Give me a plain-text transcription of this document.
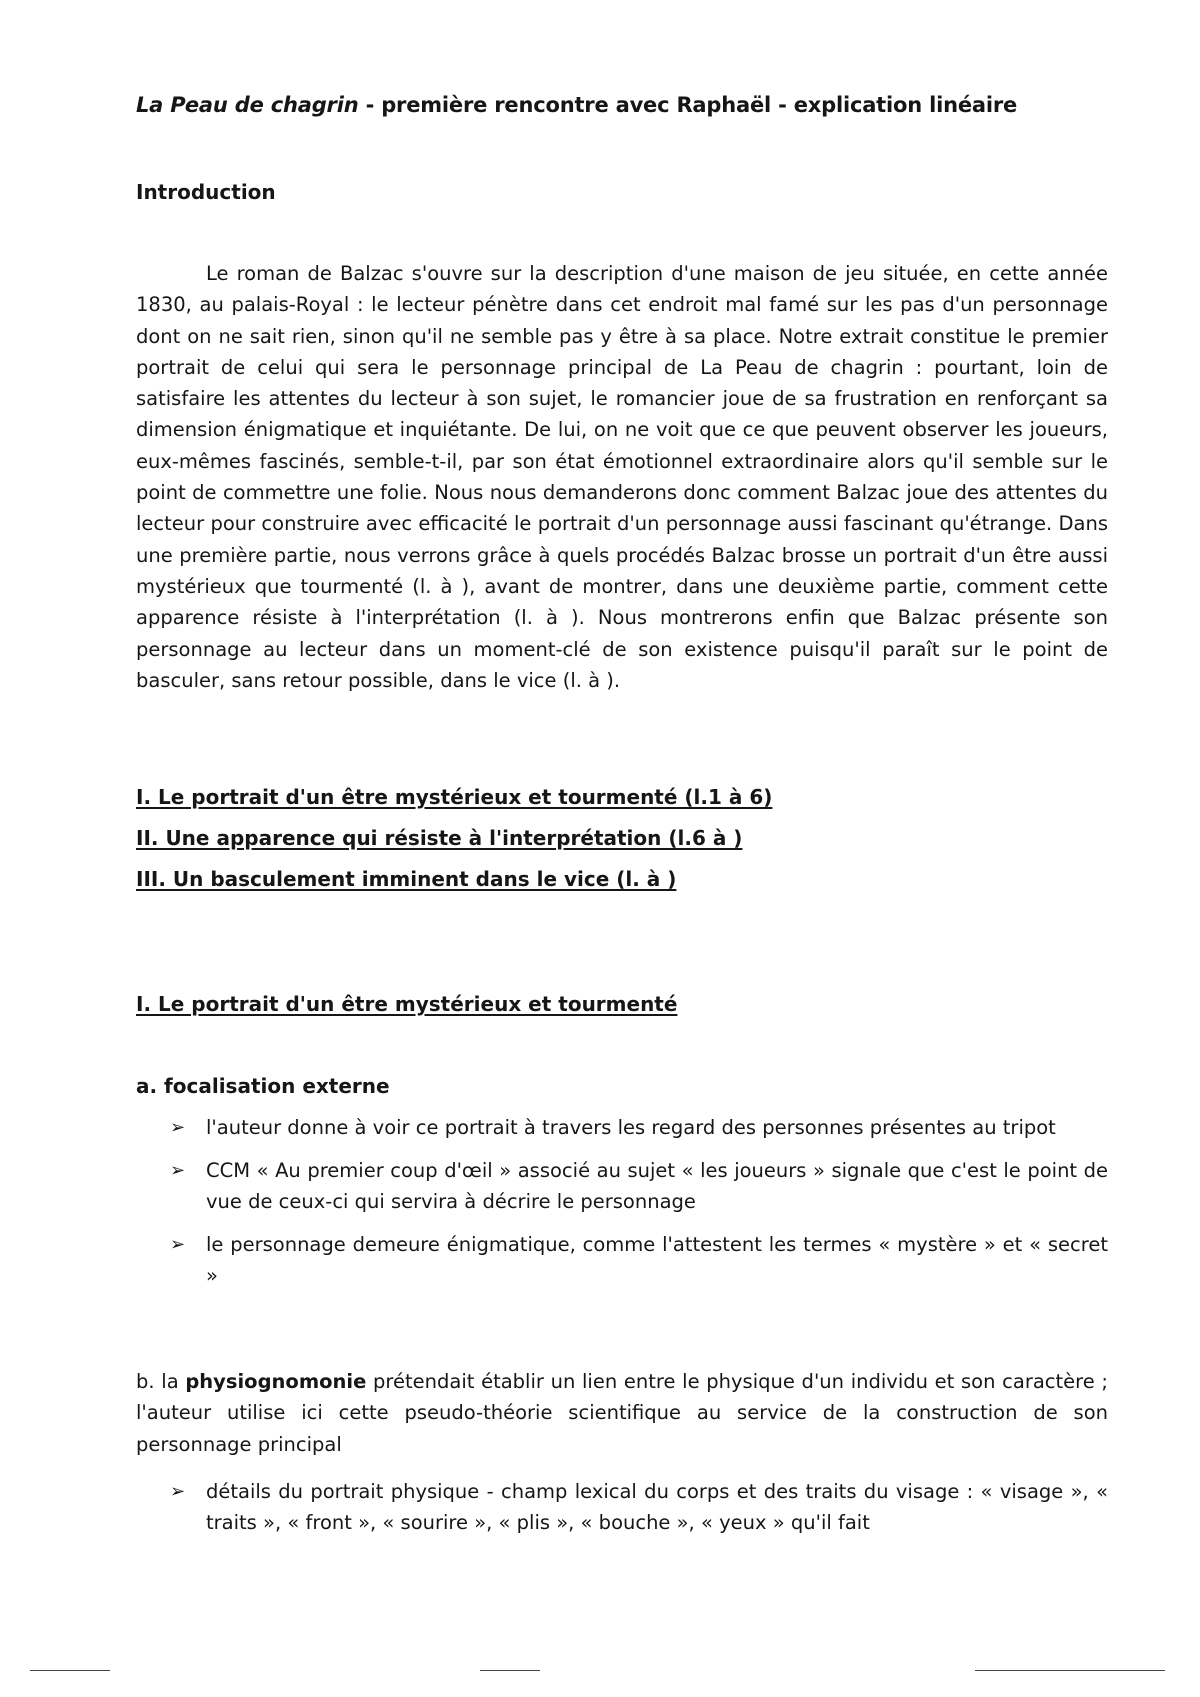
La Peau de chagrin - première rencontre avec Raphaël - explication linéaire
Introduction

Le roman de Balzac s'ouvre sur la description d'une maison de jeu située, en cette année 1830, au palais-Royal : le lecteur pénètre dans cet endroit mal famé sur les pas d'un personnage dont on ne sait rien, sinon qu'il ne semble pas y être à sa place. Notre extrait constitue le premier portrait de celui qui sera le personnage principal de La Peau de chagrin : pourtant, loin de satisfaire les attentes du lecteur à son sujet, le romancier joue de sa frustration en renforçant sa dimension énigmatique et inquiétante. De lui, on ne voit que ce que peuvent observer les joueurs, eux-mêmes fascinés, semble-t-il, par son état émotionnel extraordinaire alors qu'il semble sur le point de commettre une folie. Nous nous demanderons donc comment Balzac joue des attentes du lecteur pour construire avec efficacité le portrait d'un personnage aussi fascinant qu'étrange. Dans une première partie, nous verrons grâce à quels procédés Balzac brosse un portrait d'un être aussi mystérieux que tourmenté (l. à ), avant de montrer, dans une deuxième partie, comment cette apparence résiste à l'interprétation (l. à ). Nous montrerons enfin que Balzac présente son personnage au lecteur dans un moment-clé de son existence puisqu'il paraît sur le point de basculer, sans retour possible, dans le vice (l. à ).

I. Le portrait d'un être mystérieux et tourmenté (l.1 à 6)
II. Une apparence qui résiste à l'interprétation (l.6 à )
III. Un basculement imminent dans le vice (l. à )
I. Le portrait d'un être mystérieux et tourmenté
a. focalisation externe
➢ l'auteur donne à voir ce portrait à travers les regard des personnes présentes au tripot
➢ CCM « Au premier coup d'œil » associé au sujet « les joueurs » signale que c'est le point de vue de ceux-ci qui servira à décrire le personnage
➢ le personnage demeure énigmatique, comme l'attestent les termes « mystère » et « secret »

b. la physiognomonie prétendait établir un lien entre le physique d'un individu et son caractère ; l'auteur utilise ici cette pseudo-théorie scientifique au service de la construction de son personnage principal

➢ détails du portrait physique - champ lexical du corps et des traits du visage : « visage », « traits », « front », « sourire », « plis », « bouche », « yeux » qu'il fait
